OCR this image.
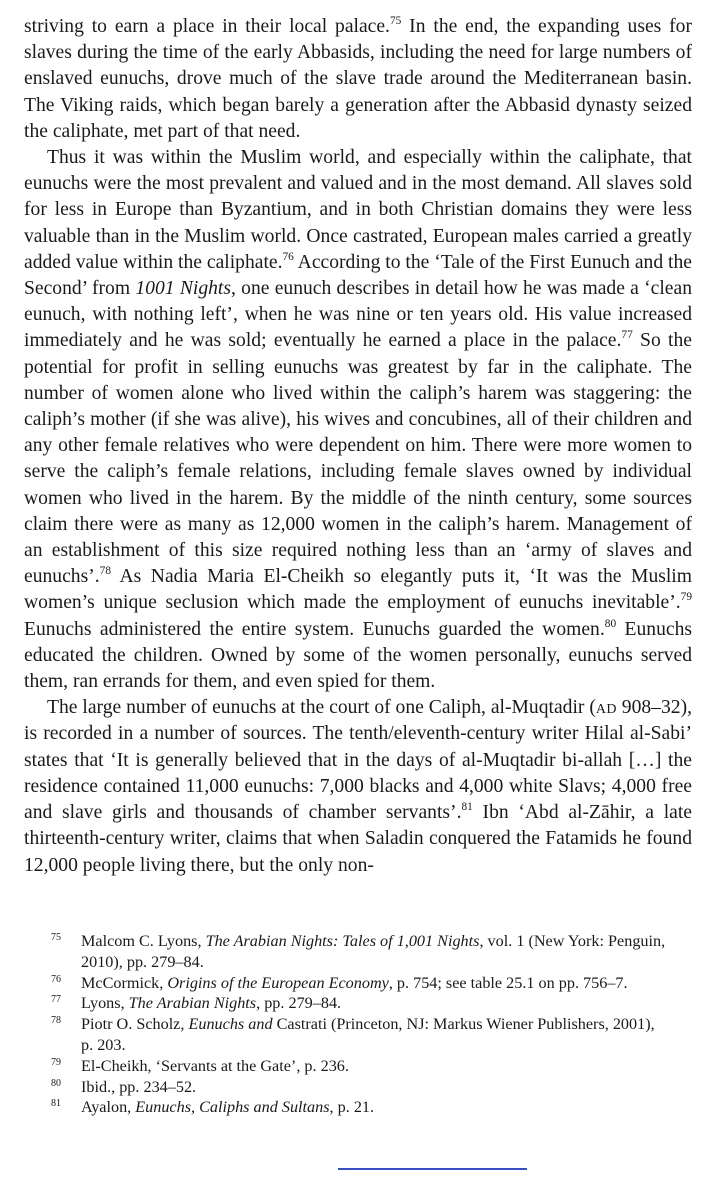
striving to earn a place in their local palace.$^{75}$ In the end, the expanding uses for slaves during the time of the early Abbasids, including the need for large numbers of enslaved eunuchs, drove much of the slave trade around the Mediterranean basin. The Viking raids, which began barely a generation after the Abbasid dynasty seized the caliphate, met part of that need.

Thus it was within the Muslim world, and especially within the caliphate, that eunuchs were the most prevalent and valued and in the most demand. All slaves sold for less in Europe than Byzantium, and in both Christian domains they were less valuable than in the Muslim world. Once castrated, European males carried a greatly added value within the caliphate.$^{76}$ According to the ‘Tale of the First Eunuch and the Second’ from 1001 Nights, one eunuch describes in detail how he was made a ‘clean eunuch, with nothing left’, when he was nine or ten years old. His value increased immediately and he was sold; eventually he earned a place in the palace.$^{77}$ So the potential for profit in selling eunuchs was greatest by far in the caliphate. The number of women alone who lived within the caliph’s harem was staggering: the caliph’s mother (if she was alive), his wives and concubines, all of their children and any other female relatives who were dependent on him. There were more women to serve the caliph’s female relations, including female slaves owned by individual women who lived in the harem. By the middle of the ninth century, some sources claim there were as many as 12,000 women in the caliph’s harem. Management of an establishment of this size required nothing less than an ‘army of slaves and eunuchs’.$^{78}$ As Nadia Maria El-Cheikh so elegantly puts it, ‘It was the Muslim women’s unique seclusion which made the employment of eunuchs inevitable’.$^{79}$ Eunuchs administered the entire system. Eunuchs guarded the women.$^{80}$ Eunuchs educated the children. Owned by some of the women personally, eunuchs served them, ran errands for them, and even spied for them.

The large number of eunuchs at the court of one Caliph, al-Muqtadir (ad 908–32), is recorded in a number of sources. The tenth/eleventh-century writer Hilal al-Sabi’ states that ‘It is generally believed that in the days of al-Muqtadir bi-allah […] the residence contained 11,000 eunuchs: 7,000 blacks and 4,000 white Slavs; 4,000 free and slave girls and thousands of chamber servants’.$^{81}$ Ibn ‘Abd al-Zāhir, a late thirteenth-century writer, claims that when Saladin conquered the Fatamids he found 12,000 people living there, but the only non-

75	Malcom C. Lyons, The Arabian Nights: Tales of 1,001 Nights, vol. 1 (New York: Penguin,
2010), pp. 279–84.

76	McCormick, Origins of the European Economy, p. 754; see table 25.1 on pp. 756–7.

77	Lyons, The Arabian Nights, pp. 279–84.

78	Piotr O. Scholz, Eunuchs and Castrati (Princeton, NJ: Markus Wiener Publishers, 2001),
p. 203.

79	El-Cheikh, ‘Servants at the Gate’, p. 236.

80	Ibid., pp. 234–52.

81	Ayalon, Eunuchs, Caliphs and Sultans, p. 21.
